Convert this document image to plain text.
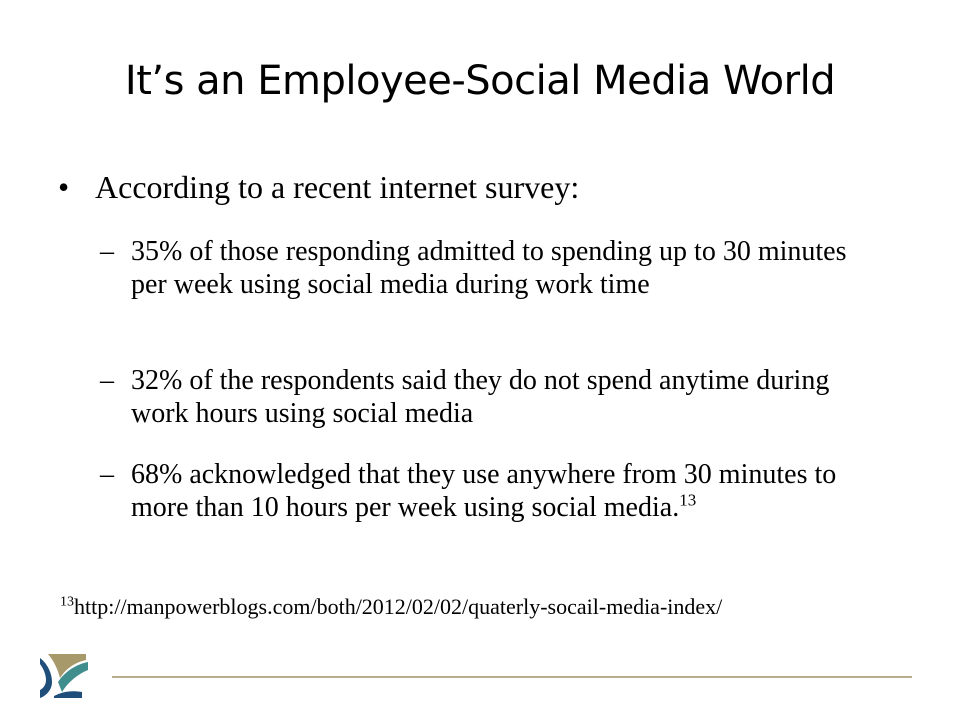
It’s an Employee-Social Media World
• According to a recent internet survey:
– 35% of those responding admitted to spending up to 30 minutes per week using social media during work time
– 32% of the respondents said they do not spend anytime during work hours using social media
– 68% acknowledged that they use anywhere from 30 minutes to more than 10 hours per week using social media.$^{13}$
$^{13}$http://manpowerblogs.com/both/2012/02/02/quaterly-socail-media-index/
